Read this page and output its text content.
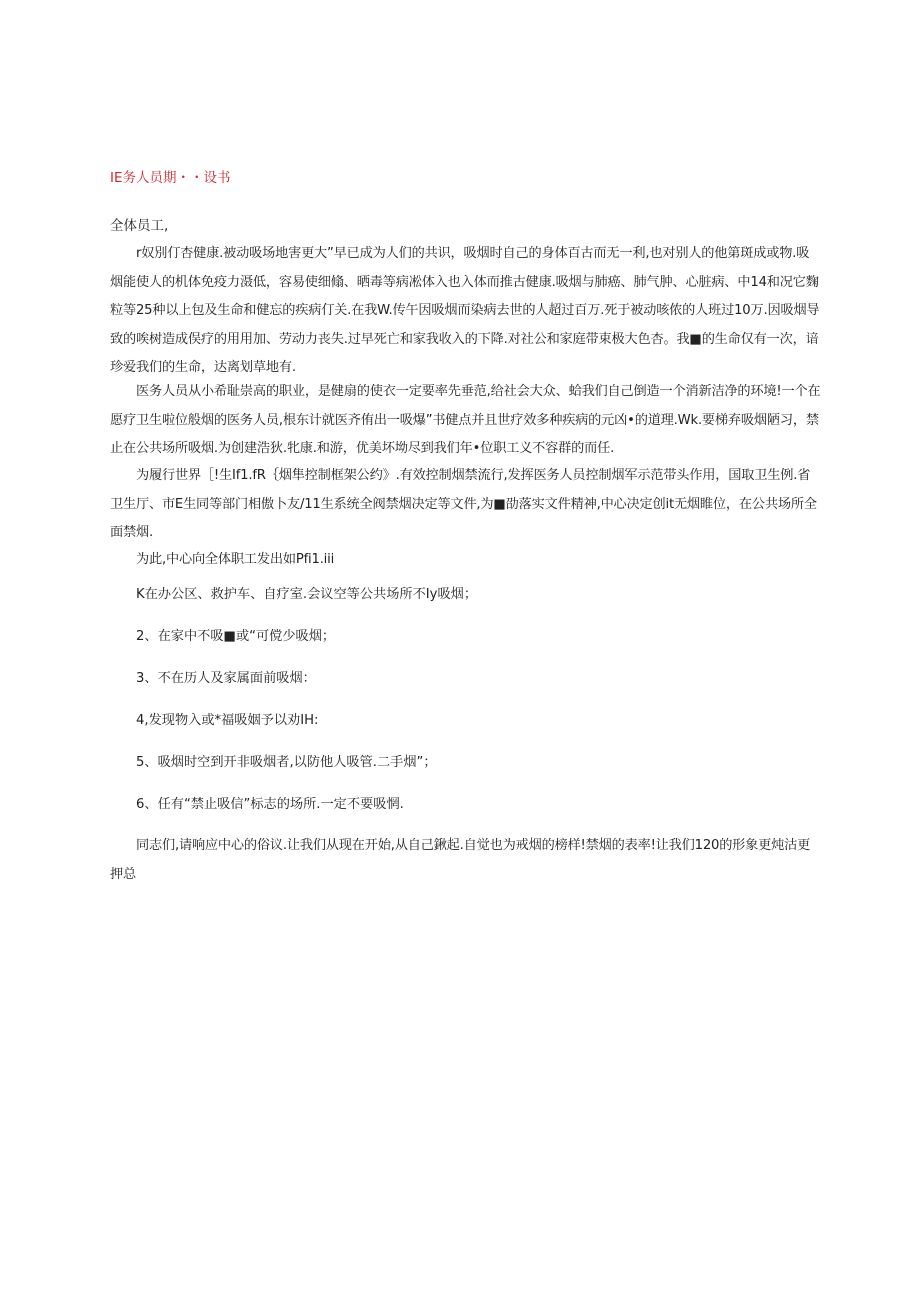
IE务人员期・・设书
全体员工,

r奴別仃杏健康.被动吸场地害更大”早已成为人们的共识，吸烟时自己的身体百古而无一利,也对别人的他第斑成或物.吸烟能使人的机体免疫力滠低，容易使细翛、晒毒等病凇体入也入体而推古健康.吸烟与肺癌、肺气肿、心脏病、中14和况它麴粒等25种以上包及生命和健忘的疾病仃关.在我W.传午因吸烟而染病去世的人超过百万.死于被动咳侬的人班过10万.因吸烟导致的唉树造成俣疗的用用加、劳动力丧失.过早死亡和家我收入的下降.对社公和家庭带束极大色杏。我■的生命仅有一次，谙珍爱我们的生命，达离划草地有.

医务人员从小希耻崇高的职业，是健扇的使衣一定要率先垂范,给社会大众、蛤我们自己倒造一个消新洁净的环境!一个在愿疗卫生啦位般烟的医务人员,根东计就医齐侑出一吸爆”书健点并且世疗效多种疾病的元凶•的道理.Wk.要梯弃吸烟陋习，禁止在公共场所吸烟.为创建浩狄.牝康.和游，优美坏坳尽到我们年•位职工义不容群的而任.

为履行世界［!生If1.fR｛烟隼控制框架公约》.有效控制烟禁流行,发挥医务人员控制烟军示范带头作用，国取卫生例.省卫生厅、市E生同等部门相傲卜友/11生系统全阀禁烟决定等文件,为■劭落实文件精神,中心决定创it无烟睢位，在公共场所全面禁烟.

为此,中心向全体职工发出如Pfi1.iii

K在办公区、救护车、自疗室.会议空等公共场所不Iy吸烟；
2、在家中不吸■或“可傥少吸烟；
3、不在历人及家属面前吸烟：
4,发现物入或*福吸姻予以劝IH:
5、吸烟时空到开非吸烟者,以防他人吸管.二手烟”；
6、任有“禁止吸信”标志的场所.一定不要吸惘.

同志们,请响应中心的俗议.让我们从现在开始,从自己鍬起.自觉也为戒烟的榜样!禁烟的表率!让我们120的形象更炖沽更押总
